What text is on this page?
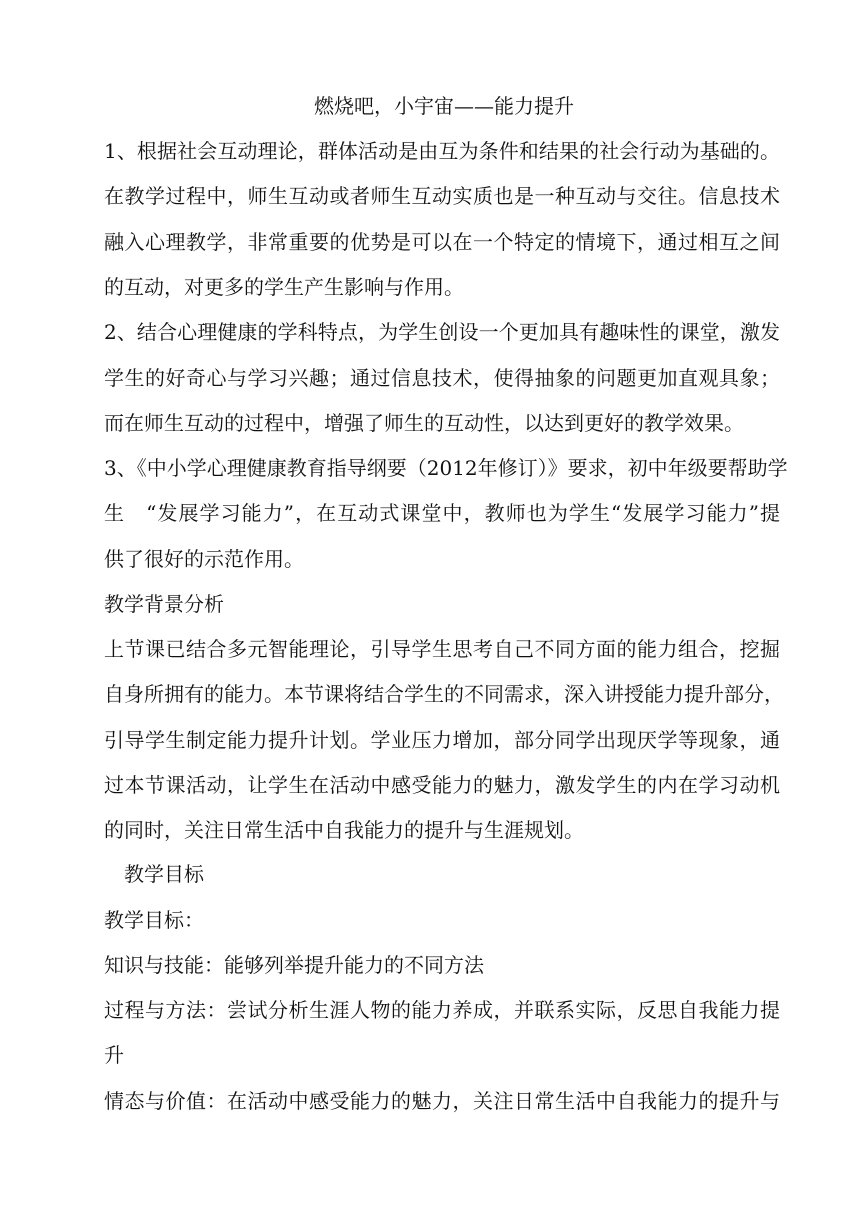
燃烧吧，小宇宙——能力提升
1、根据社会互动理论，群体活动是由互为条件和结果的社会行动为基础的。
在教学过程中，师生互动或者师生互动实质也是一种互动与交往。信息技术
融入心理教学，非常重要的优势是可以在一个特定的情境下，通过相互之间
的互动，对更多的学生产生影响与作用。
2、结合心理健康的学科特点，为学生创设一个更加具有趣味性的课堂，激发
学生的好奇心与学习兴趣；通过信息技术，使得抽象的问题更加直观具象；
而在师生互动的过程中，增强了师生的互动性，以达到更好的教学效果。
3、《中小学心理健康教育指导纲要（2012年修订）》要求，初中年级要帮助学
生　“发展学习能力”，在互动式课堂中，教师也为学生“发展学习能力”提
供了很好的示范作用。
教学背景分析
上节课已结合多元智能理论，引导学生思考自己不同方面的能力组合，挖掘
自身所拥有的能力。本节课将结合学生的不同需求，深入讲授能力提升部分，
引导学生制定能力提升计划。学业压力增加，部分同学出现厌学等现象，通
过本节课活动，让学生在活动中感受能力的魅力，激发学生的内在学习动机
的同时，关注日常生活中自我能力的提升与生涯规划。
　教学目标
教学目标：
知识与技能：能够列举提升能力的不同方法
过程与方法：尝试分析生涯人物的能力养成，并联系实际，反思自我能力提
升
情态与价值：在活动中感受能力的魅力，关注日常生活中自我能力的提升与
